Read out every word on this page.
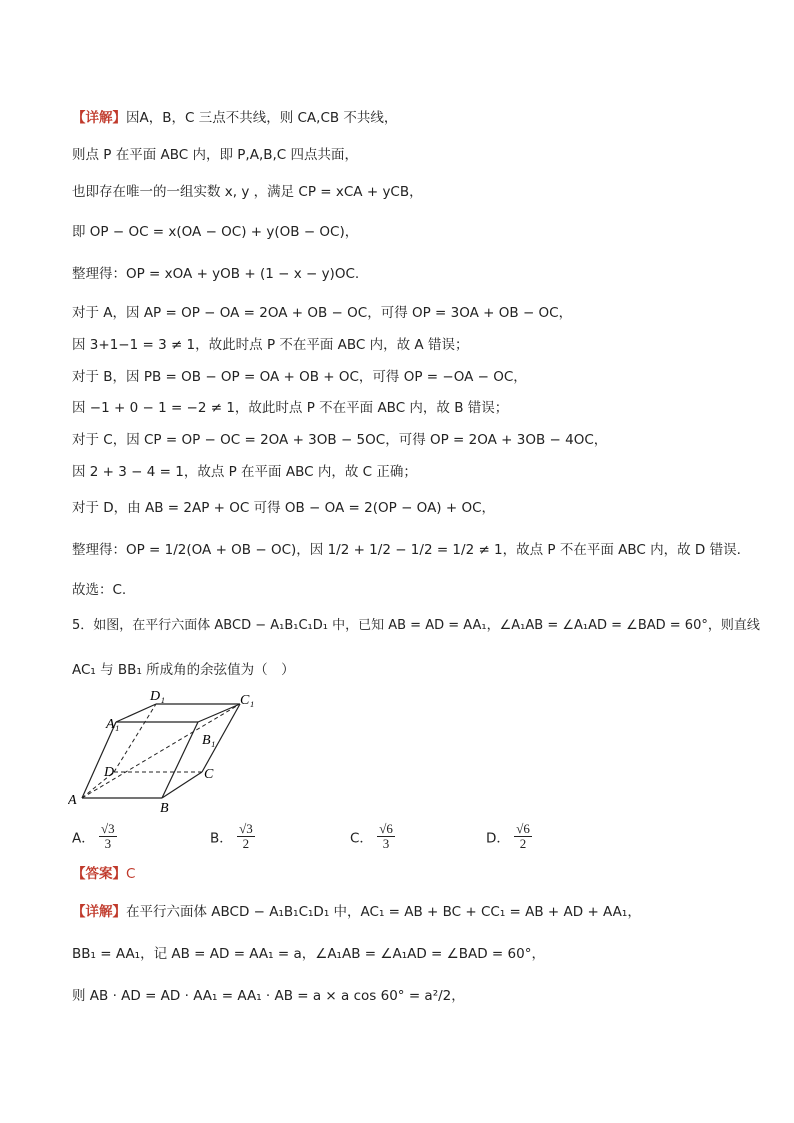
【详解】因A，B，C 三点不共线，则 CA,CB 不共线，
则点 P 在平面 ABC 内，即 P,A,B,C 四点共面，
也即存在唯一的一组实数 x, y ，满足 CP = xCA + yCB，
即 OP − OC = x(OA − OC) + y(OB − OC)，
整理得：OP = xOA + yOB + (1 − x − y)OC.
对于 A，因 AP = OP − OA = 2OA + OB − OC，可得 OP = 3OA + OB − OC，
因 3+1−1 = 3 ≠ 1，故此时点 P 不在平面 ABC 内，故 A 错误；
对于 B，因 PB = OB − OP = OA + OB + OC，可得 OP = −OA − OC，
因 −1 + 0 − 1 = −2 ≠ 1，故此时点 P 不在平面 ABC 内，故 B 错误；
对于 C，因 CP = OP − OC = 2OA + 3OB − 5OC，可得 OP = 2OA + 3OB − 4OC，
因 2 + 3 − 4 = 1，故点 P 在平面 ABC 内，故 C 正确；
对于 D，由 AB = 2AP + OC 可得 OB − OA = 2(OP − OA) + OC，
整理得：OP = 1/2(OA + OB − OC)，因 1/2 + 1/2 − 1/2 = 1/2 ≠ 1，故点 P 不在平面 ABC 内，故 D 错误.
故选：C.
5．如图，在平行六面体 ABCD − A₁B₁C₁D₁ 中，已知 AB = AD = AA₁，∠A₁AB = ∠A₁AD = ∠BAD = 60°，则直线
AC₁ 与 BB₁ 所成角的余弦值为（　）
A
B
C
D
A₁
B₁
C₁
D₁
A． $\frac{√3}{3}$	B． $\frac{√3}{2}$	C． $\frac{√6}{3}$	D． $\frac{√6}{2}$
【答案】C
【详解】在平行六面体 ABCD − A₁B₁C₁D₁ 中，AC₁ = AB + BC + CC₁ = AB + AD + AA₁，
BB₁ = AA₁，记 AB = AD = AA₁ = a，∠A₁AB = ∠A₁AD = ∠BAD = 60°，
则 AB · AD = AD · AA₁ = AA₁ · AB = a × a cos 60° = a²/2，
